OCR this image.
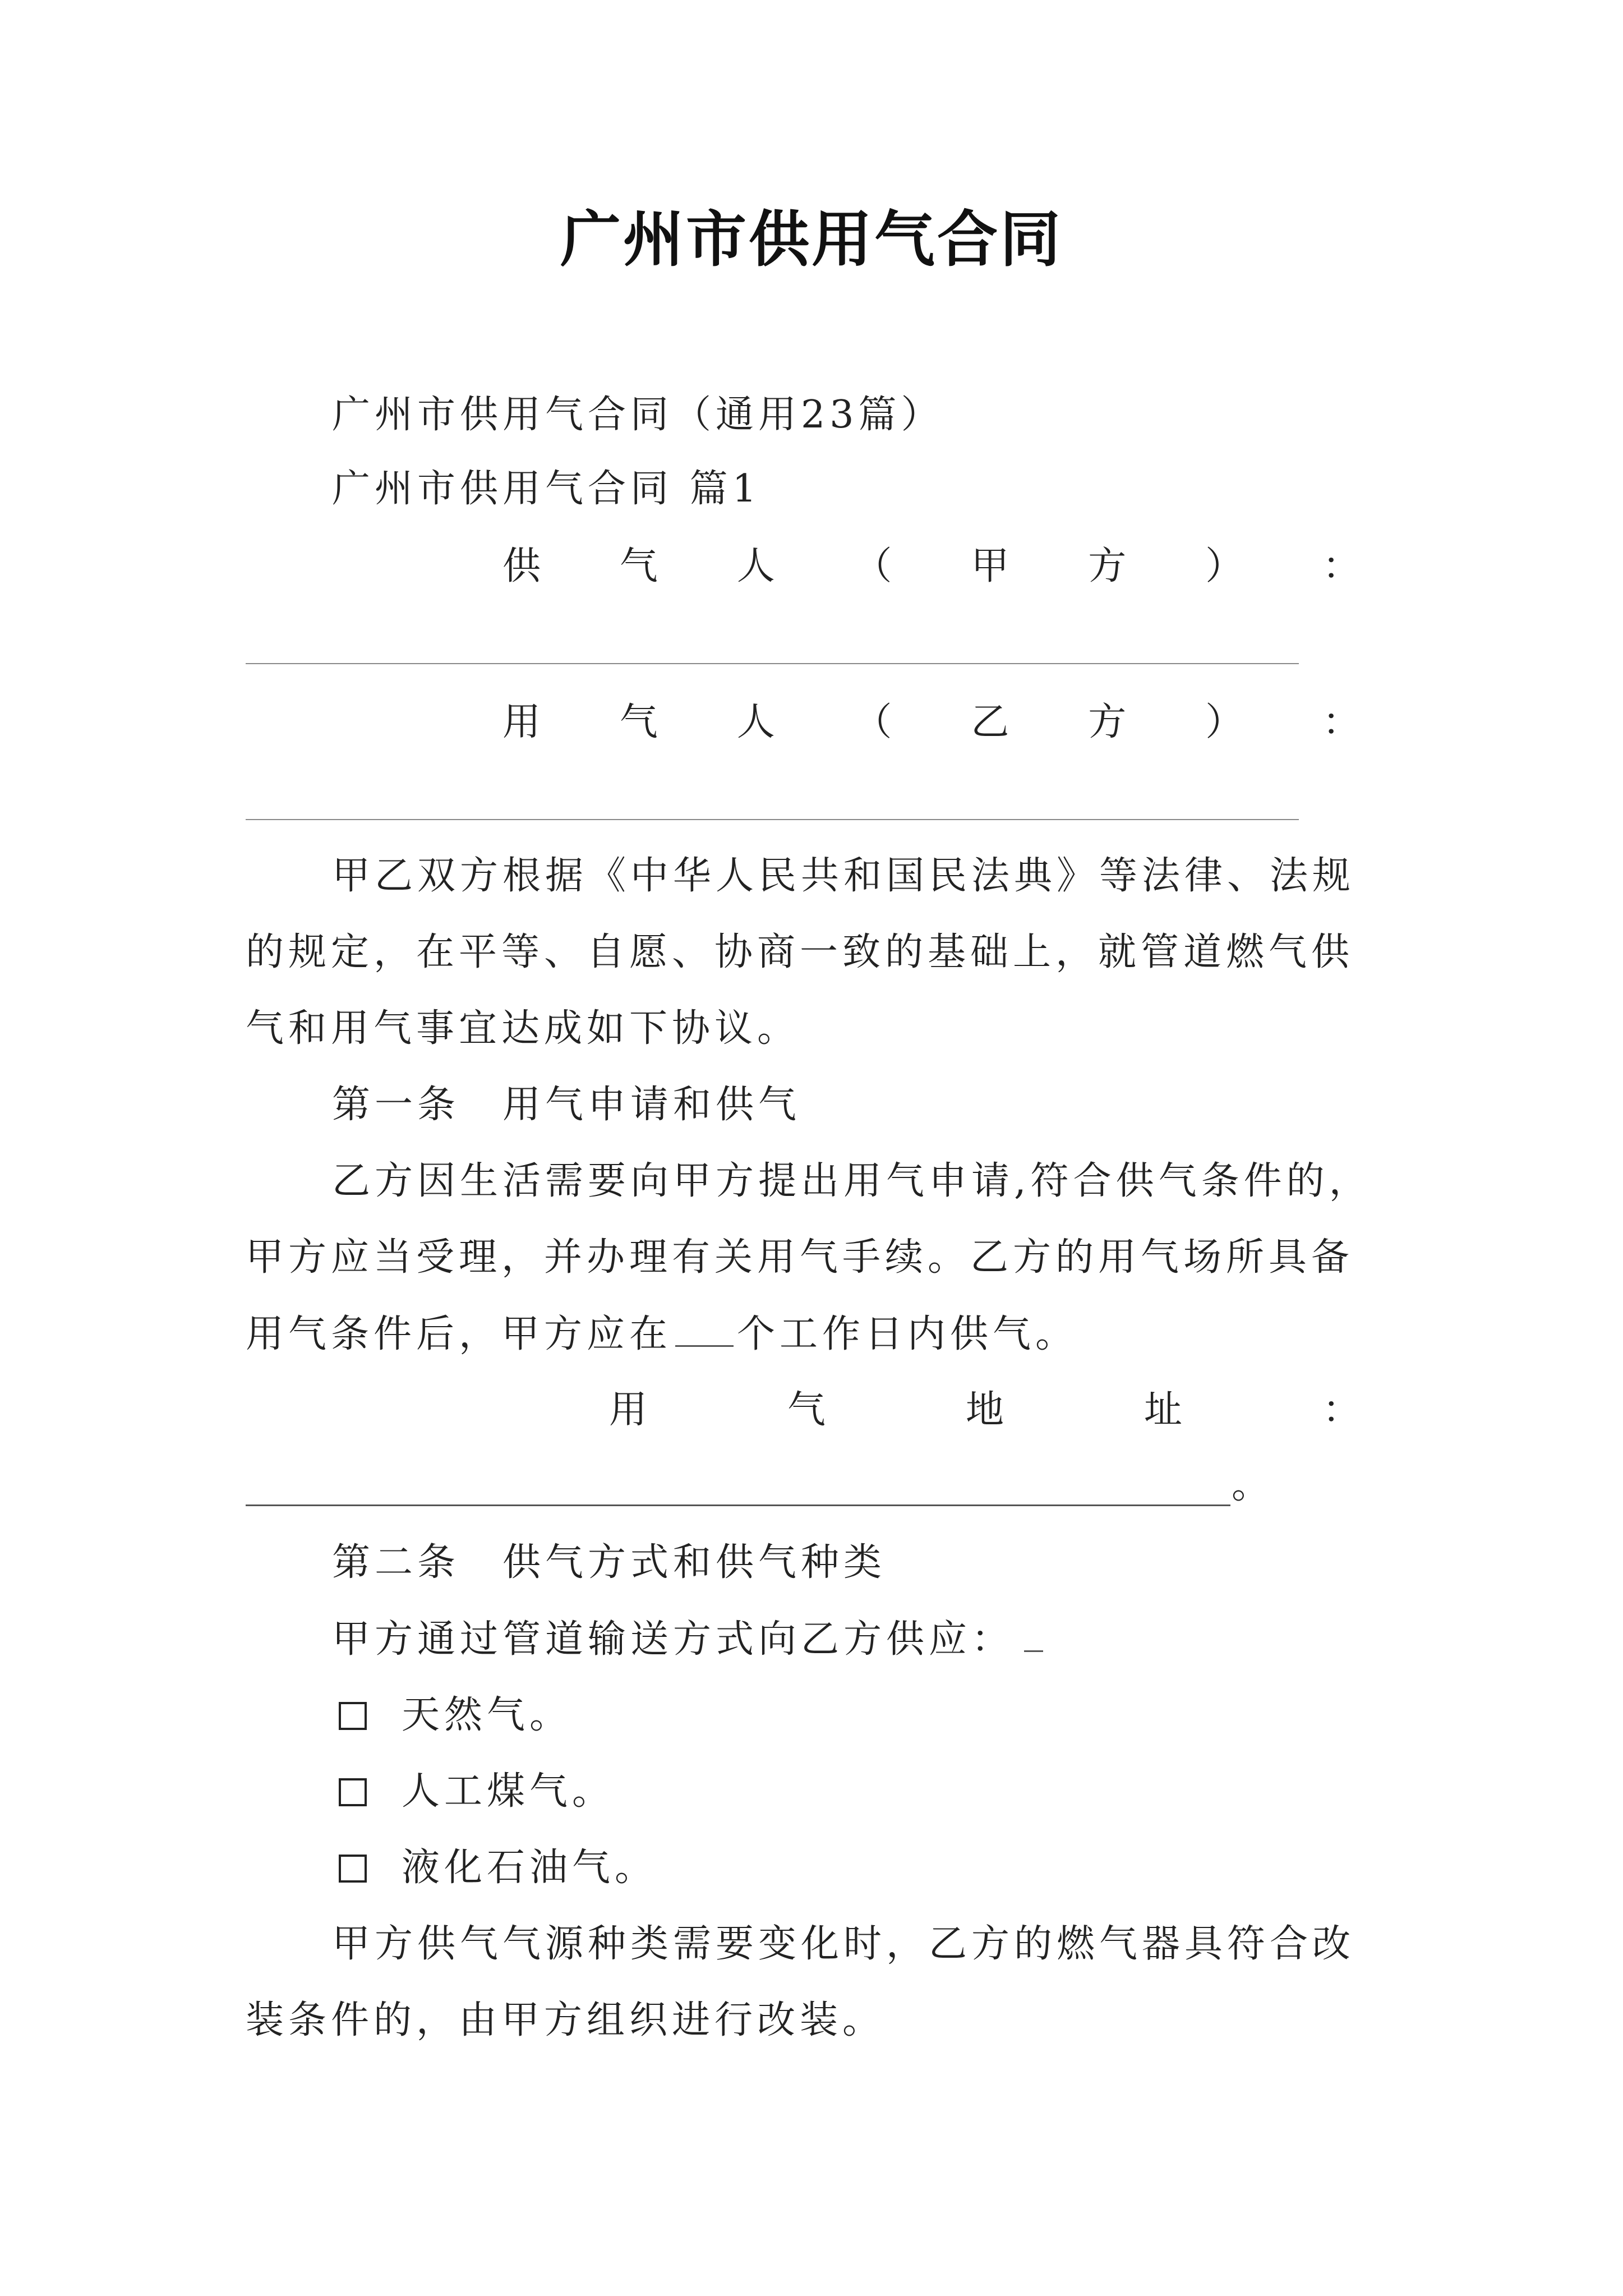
广州市供用气合同
广州市供用气合同（通用23篇）
广州市供用气合同 篇1
供 气 人 （ 甲 方 ） ：
用 气 人 （ 乙 方 ） ：
甲乙双方根据《中华人民共和国民法典》等法律、法规
的规定，在平等、自愿、协商一致的基础上，就管道燃气供
气和用气事宜达成如下协议。
第一条　用气申请和供气
乙方因生活需要向甲方提出用气申请,符合供气条件的，
甲方应当受理，并办理有关用气手续。乙方的用气场所具备
用气条件后，甲方应在 个工作日内供气。
用	气	地	址	：
。
第二条　供气方式和供气种类
甲方通过管道输送方式向乙方供应：
天然气。
人工煤气。
液化石油气。
甲方供气气源种类需要变化时，乙方的燃气器具符合改
装条件的，由甲方组织进行改装。
